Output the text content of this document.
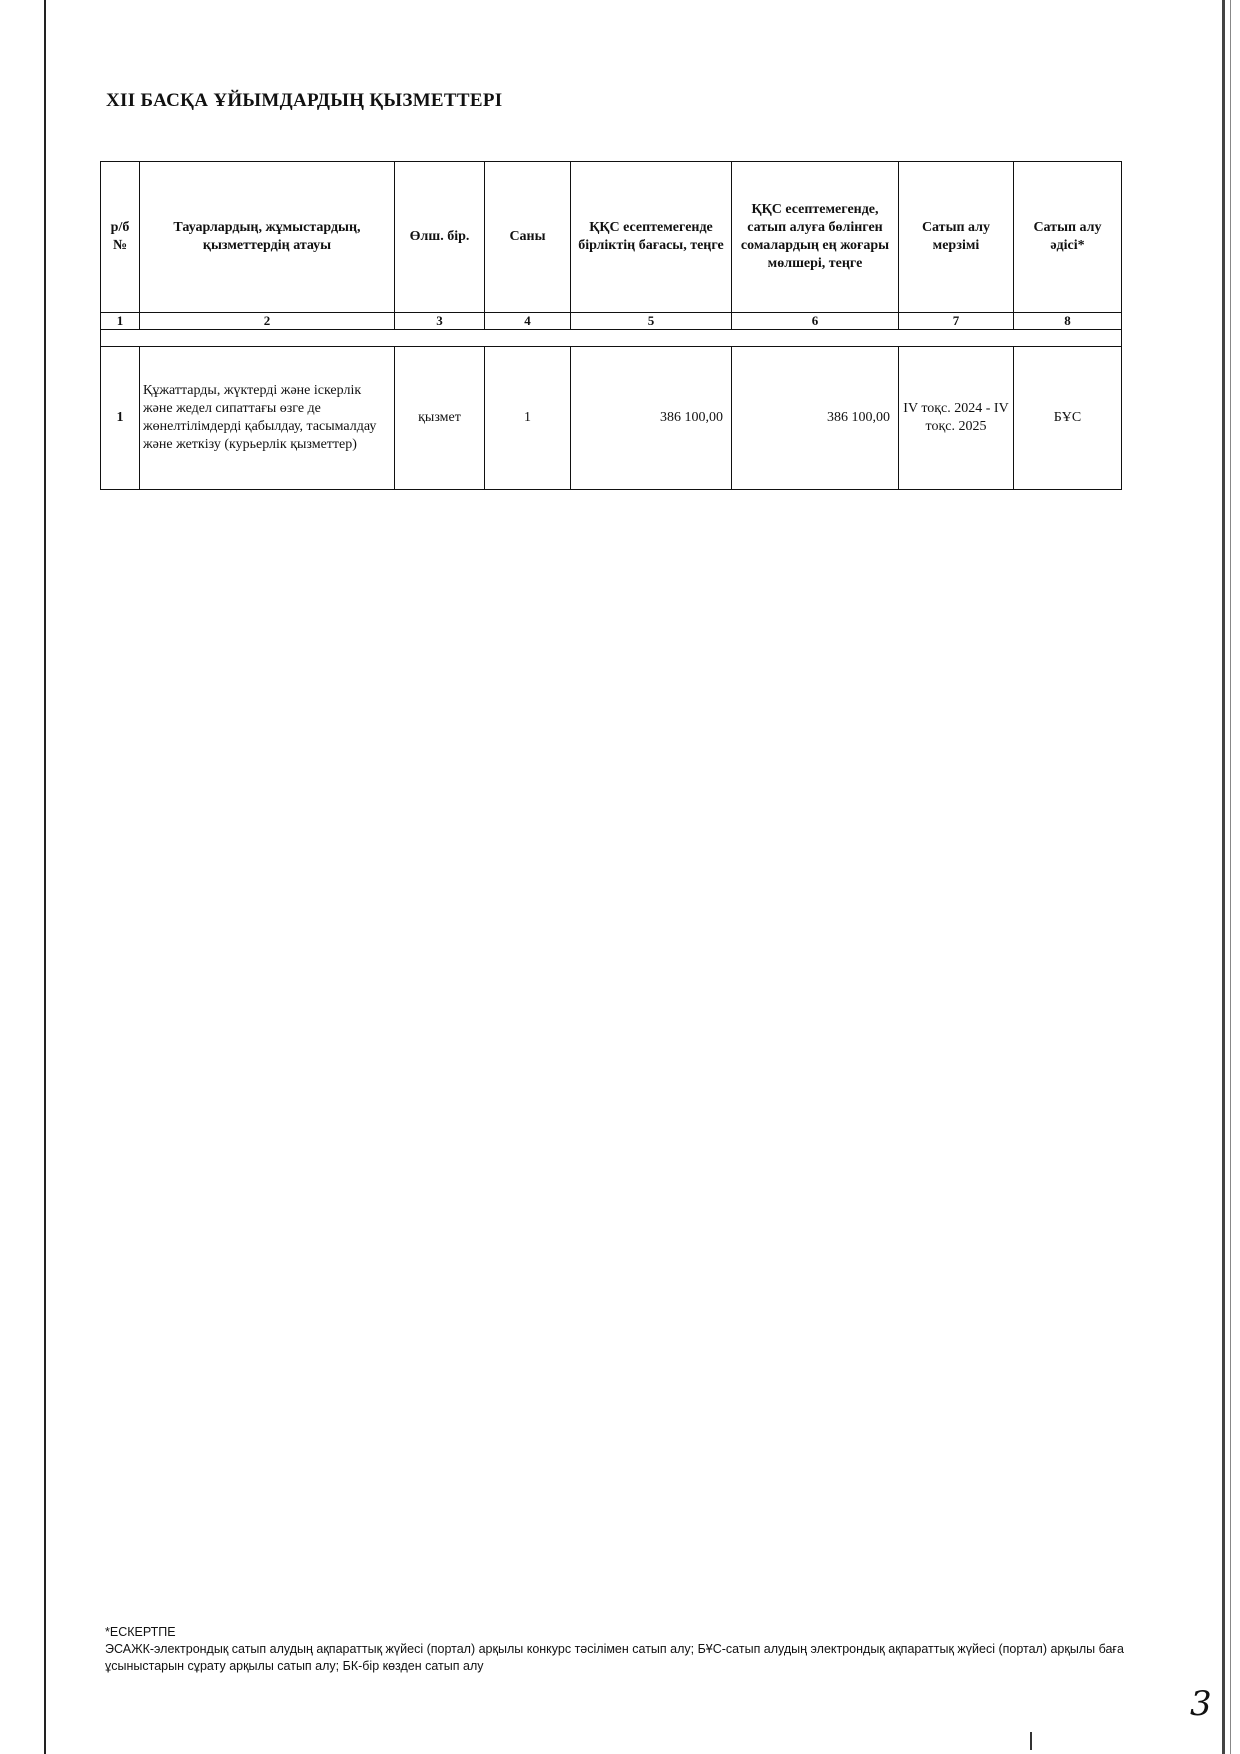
ХІІ БАСҚА ҰЙЫМДАРДЫҢ ҚЫЗМЕТТЕРІ
р/б №	Тауарлардың, жұмыстардың, қызметтердің атауы	Өлш. бір.	Саны	ҚҚС есептемегенде бірліктің бағасы, теңге	ҚҚС есептемегенде, сатып алуға бөлінген сомалардың ең жоғары мөлшері, теңге	Сатып алу мерзімі	Сатып алу әдісі*
1	2	3	4	5	6	7	8

1	Құжаттарды, жүктерді және іскерлік және жедел сипаттағы өзге де жөнелтілімдерді қабылдау, тасымалдау және жеткізу (курьерлік қызметтер)	қызмет	1	386 100,00	386 100,00	IV тоқс. 2024 - IV тоқс. 2025	БҰС
*ЕСКЕРТПЕ
ЭСАЖК-электрондық сатып алудың ақпараттық жүйесі (портал) арқылы конкурс тәсілімен сатып алу; БҰС-сатып алудың электрондық ақпараттық жүйесі (портал) арқылы баға ұсыныстарын сұрату арқылы сатып алу; БК-бір көзден сатып алу
3
